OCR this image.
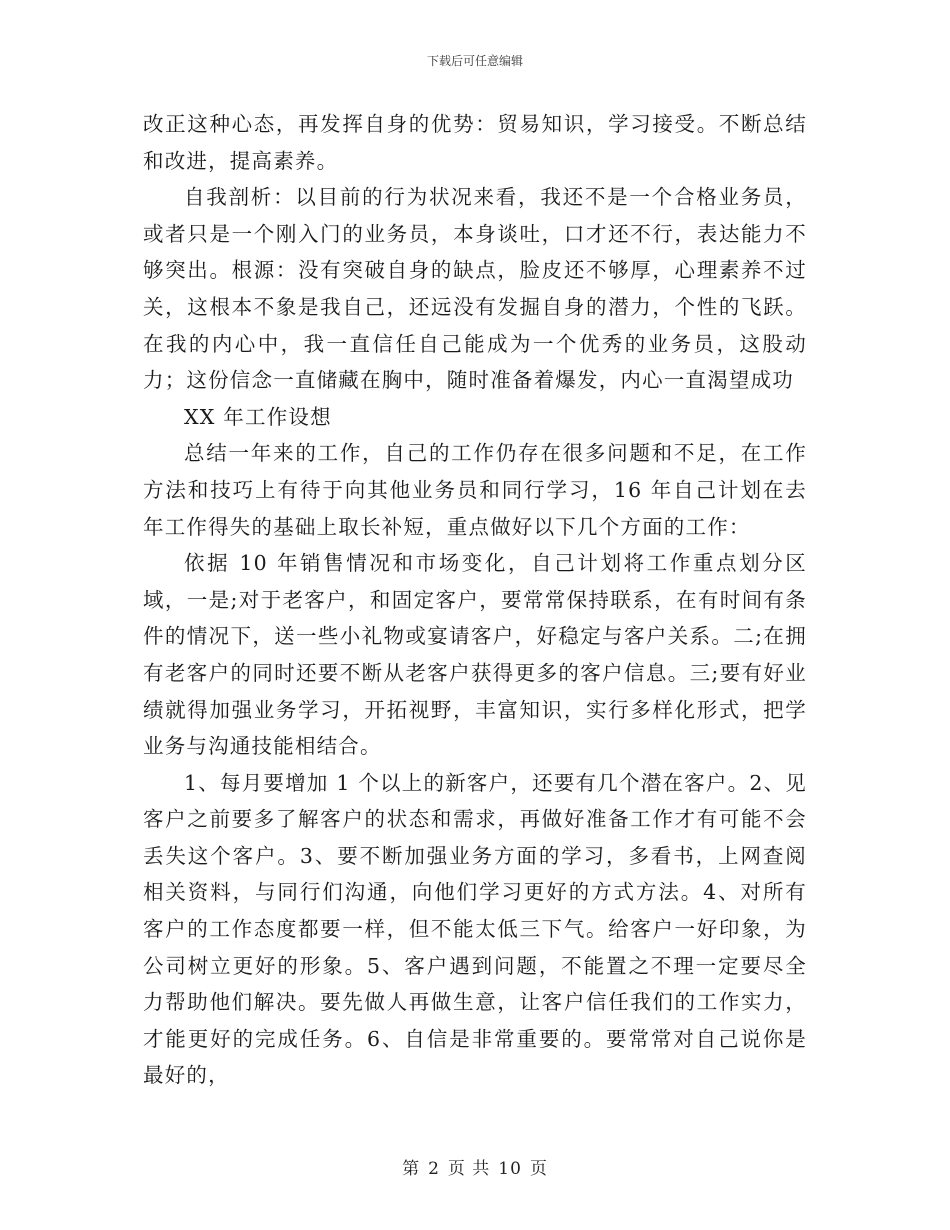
下载后可任意编辑

改正这种心态，再发挥自身的优势：贸易知识，学习接受。不断总结和改进，提高素养。

自我剖析：以目前的行为状况来看，我还不是一个合格业务员，或者只是一个刚入门的业务员，本身谈吐，口才还不行，表达能力不够突出。根源：没有突破自身的缺点，脸皮还不够厚，心理素养不过关，这根本不象是我自己，还远没有发掘自身的潜力，个性的飞跃。在我的内心中，我一直信任自己能成为一个优秀的业务员，这股动力；这份信念一直储藏在胸中，随时准备着爆发，内心一直渴望成功

XX 年工作设想

总结一年来的工作，自己的工作仍存在很多问题和不足，在工作方法和技巧上有待于向其他业务员和同行学习，16 年自己计划在去年工作得失的基础上取长补短，重点做好以下几个方面的工作：

依据 10 年销售情况和市场变化，自己计划将工作重点划分区域，一是;对于老客户，和固定客户，要常常保持联系，在有时间有条件的情况下，送一些小礼物或宴请客户，好稳定与客户关系。二;在拥有老客户的同时还要不断从老客户获得更多的客户信息。三;要有好业绩就得加强业务学习，开拓视野，丰富知识，实行多样化形式，把学业务与沟通技能相结合。

1、每月要增加 1 个以上的新客户，还要有几个潜在客户。2、见客户之前要多了解客户的状态和需求，再做好准备工作才有可能不会丢失这个客户。3、要不断加强业务方面的学习，多看书，上网查阅相关资料，与同行们沟通，向他们学习更好的方式方法。4、对所有客户的工作态度都要一样，但不能太低三下气。给客户一好印象，为公司树立更好的形象。5、客户遇到问题，不能置之不理一定要尽全力帮助他们解决。要先做人再做生意，让客户信任我们的工作实力，才能更好的完成任务。6、自信是非常重要的。要常常对自己说你是最好的，

第 2 页 共 10 页
